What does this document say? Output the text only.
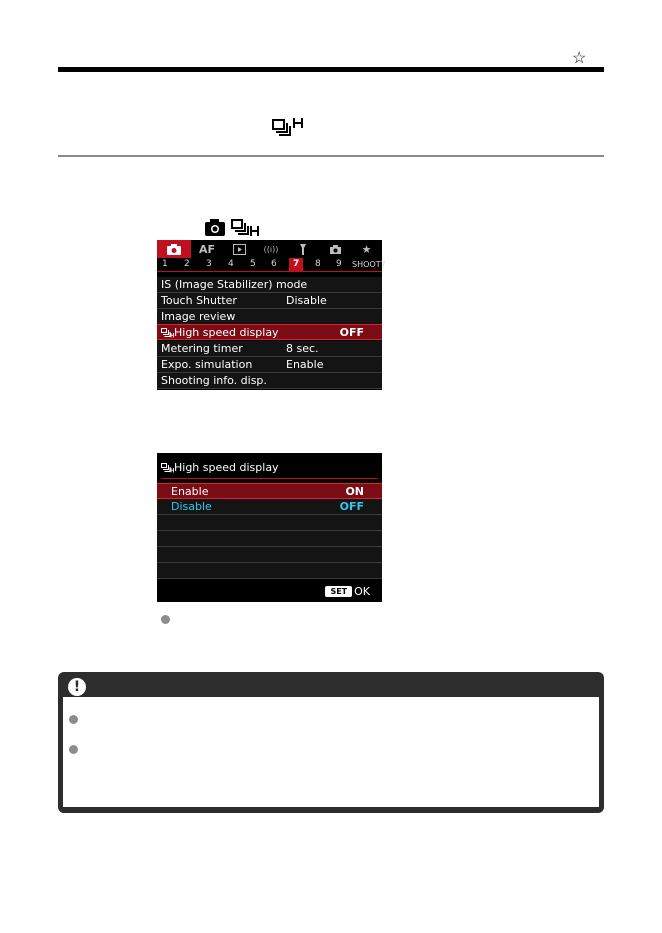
☆
AF	((ı))	★
1 2 3 4 5 6	7	8 9 SHOOT7
IS (Image Stabilizer) mode
Touch Shutter	Disable
Image review
High speed display	OFF
Metering timer	8 sec.
Expo. simulation	Enable
Shooting info. disp.
High speed display
Enable	ON
Disable	OFF
SET OK
!
